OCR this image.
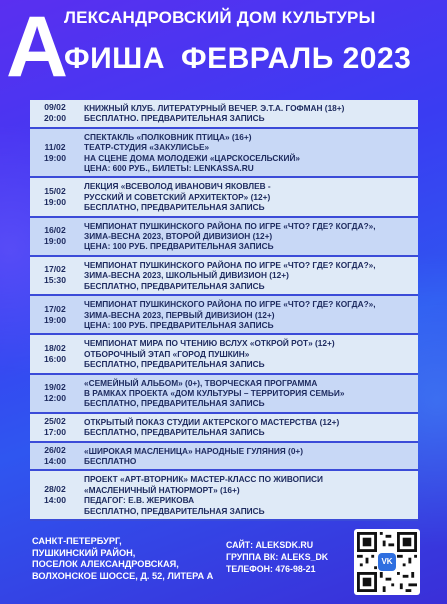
А
ЛЕКСАНДРОВСКИЙ ДОМ КУЛЬТУРЫ
ФИША ФЕВРАЛЬ 2023
09/02
20:00
КНИЖНЫЙ КЛУБ. ЛИТЕРАТУРНЫЙ ВЕЧЕР. Э.Т.А. ГОФМАН (18+)
БЕСПЛАТНО. ПРЕДВАРИТЕЛЬНАЯ ЗАПИСЬ
11/02
19:00
СПЕКТАКЛЬ «ПОЛКОВНИК ПТИЦА» (16+)
ТЕАТР-СТУДИЯ «ЗАКУЛИСЬЕ»
НА СЦЕНЕ ДОМА МОЛОДЕЖИ «ЦАРСКОСЕЛЬСКИЙ»
ЦЕНА: 600 РУБ., БИЛЕТЫ: LENKASSA.RU
15/02
19:00
ЛЕКЦИЯ «ВСЕВОЛОД ИВАНОВИЧ ЯКОВЛЕВ -
РУССКИЙ И СОВЕТСКИЙ АРХИТЕКТОР» (12+)
БЕСПЛАТНО, ПРЕДВАРИТЕЛЬНАЯ ЗАПИСЬ
16/02
19:00
ЧЕМПИОНАТ ПУШКИНСКОГО РАЙОНА ПО ИГРЕ «ЧТО? ГДЕ? КОГДА?»,
ЗИМА-ВЕСНА 2023, ВТОРОЙ ДИВИЗИОН (12+)
ЦЕНА: 100 РУБ. ПРЕДВАРИТЕЛЬНАЯ ЗАПИСЬ
17/02
15:30
ЧЕМПИОНАТ ПУШКИНСКОГО РАЙОНА ПО ИГРЕ «ЧТО? ГДЕ? КОГДА?»,
ЗИМА-ВЕСНА 2023, ШКОЛЬНЫЙ ДИВИЗИОН (12+)
БЕСПЛАТНО, ПРЕДВАРИТЕЛЬНАЯ ЗАПИСЬ
17/02
19:00
ЧЕМПИОНАТ ПУШКИНСКОГО РАЙОНА ПО ИГРЕ «ЧТО? ГДЕ? КОГДА?»,
ЗИМА-ВЕСНА 2023, ПЕРВЫЙ ДИВИЗИОН (12+)
ЦЕНА: 100 РУБ. ПРЕДВАРИТЕЛЬНАЯ ЗАПИСЬ
18/02
16:00
ЧЕМПИОНАТ МИРА ПО ЧТЕНИЮ ВСЛУХ «ОТКРОЙ РОТ» (12+)
ОТБОРОЧНЫЙ ЭТАП «ГОРОД ПУШКИН»
БЕСПЛАТНО, ПРЕДВАРИТЕЛЬНАЯ ЗАПИСЬ
19/02
12:00
«СЕМЕЙНЫЙ АЛЬБОМ» (0+), ТВОРЧЕСКАЯ ПРОГРАММА
В РАМКАХ ПРОЕКТА «ДОМ КУЛЬТУРЫ – ТЕРРИТОРИЯ СЕМЬИ»
БЕСПЛАТНО, ПРЕДВАРИТЕЛЬНАЯ ЗАПИСЬ
25/02
17:00
ОТКРЫТЫЙ ПОКАЗ СТУДИИ АКТЕРСКОГО МАСТЕРСТВА (12+)
БЕСПЛАТНО, ПРЕДВАРИТЕЛЬНАЯ ЗАПИСЬ
26/02
14:00
«ШИРОКАЯ МАСЛЕНИЦА» НАРОДНЫЕ ГУЛЯНИЯ (0+)
БЕСПЛАТНО
28/02
14:00
ПРОЕКТ «АРТ-ВТОРНИК» МАСТЕР-КЛАСС ПО ЖИВОПИСИ
«МАСЛЕНИЧНЫЙ НАТЮРМОРТ» (16+)
ПЕДАГОГ: Е.В. ЖЕРИКОВА
БЕСПЛАТНО, ПРЕДВАРИТЕЛЬНАЯ ЗАПИСЬ
САНКТ-ПЕТЕРБУРГ,
ПУШКИНСКИЙ РАЙОН,
ПОСЕЛОК АЛЕКСАНДРОВСКАЯ,
ВОЛХОНСКОЕ ШОССЕ, Д. 52, ЛИТЕРА А
САЙТ: ALEKSDK.RU
ГРУППА ВК: ALEKS_DK
ТЕЛЕФОН: 476-98-21
VK
